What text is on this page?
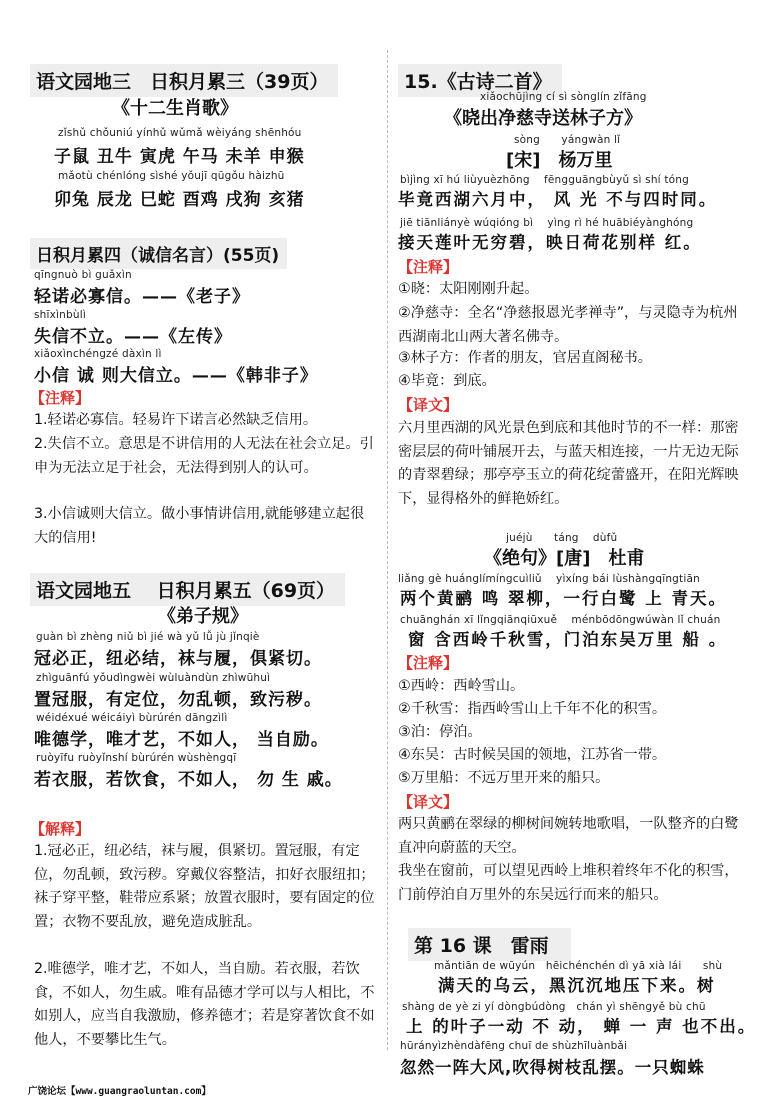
语文园地三　日积月累三（39页）
《十二生肖歌》
zǐshǔ chǒuniú yínhǔ wǔmǎ wèiyáng shēnhóu
子鼠 丑牛 寅虎 午马 未羊 申猴
mǎotù chénlóng sìshé yǒujī qūgǒu hàizhū
卯兔 辰龙 巳蛇 酉鸡 戌狗 亥猪
日积月累四（诚信名言）(55页)
qīngnuò bì guǎxìn
轻诺必寡信。——《老子》
shīxìnbùlì
失信不立。——《左传》
xiǎoxìnchéngzé dàxìn lì
小信 诚 则大信立。——《韩非子》
【注释】
1.轻诺必寡信。轻易许下诺言必然缺乏信用。
2.失信不立。意思是不讲信用的人无法在社会立足。引申为无法立足于社会，无法得到别人的认可。
3.小信诚则大信立。做小事情讲信用,就能够建立起很大的信用!
语文园地五　 日积月累五（69页）
《弟子规》
guàn bì zhèng niǔ bì jié wà yǔ lǚ jù jǐnqiè
冠必正，纽必结，袜与履，俱紧切。
zhìguānfú yǒudìngwèi wùluàndùn zhìwūhuì
置冠服，有定位，勿乱顿，致污秽。
wéidéxué wéicáiyì bùrúrén dāngzìlì
唯德学，唯才艺，不如人， 当自励。
ruòyīfu ruòyǐnshí bùrúrén wùshèngqī
若衣服，若饮食，不如人， 勿 生 戚。
【解释】
1.冠必正，纽必结，袜与履，俱紧切。置冠服，有定位，勿乱顿，致污秽。穿戴仪容整洁，扣好衣服纽扣；袜子穿平整，鞋带应系紧；放置衣服时，要有固定的位置；衣物不要乱放，避免造成脏乱。
2.唯德学，唯才艺，不如人，当自励。若衣服，若饮食，不如人，勿生戚。唯有品德才学可以与人相比，不如别人，应当自我激励，修养德才；若是穿著饮食不如他人，不要攀比生气。
15.《古诗二首》
xiǎochūjìng cí sì sònglín zǐfāng
《晓出净慈寺送林子方》
sòng　　yángwàn lǐ
[宋]　杨万里
bìjìng xī hú liùyuèzhōng　 fēngguāngbùyǔ sì shí tóng
毕竟西湖六月中， 风 光 不与四时同。
jiē tiānliányè wúqióng bì　 yìng rì hé huābiéyànghóng
接天莲叶无穷碧，映日荷花别样 红。
【注释】
①晓：太阳刚刚升起。
②净慈寺：全名“净慈报恩光孝禅寺”，与灵隐寺为杭州西湖南北山两大著名佛寺。
③林子方：作者的朋友，官居直阁秘书。
④毕竟：到底。
【译文】
六月里西湖的风光景色到底和其他时节的不一样：那密密层层的荷叶铺展开去，与蓝天相连接，一片无边无际的青翠碧绿；那亭亭玉立的荷花绽蕾盛开，在阳光辉映下，显得格外的鲜艳娇红。
juéjù　　táng　 dùfǔ
《绝句》[唐]　杜甫
liǎng gè huánglímíngcuìliǔ　 yìxíng bái lùshàngqīngtiān
两个黄鹂 鸣 翠柳，一行白鹭 上 青天。
chuānghán xī lǐngqiānqiūxuě　 ménbōdōngwúwàn lǐ chuán
窗 含西岭千秋雪，门泊东吴万里 船 。
【注释】
①西岭：西岭雪山。
②千秋雪：指西岭雪山上千年不化的积雪。
③泊：停泊。
④东吴：古时候吴国的领地，江苏省一带。
⑤万里船：不远万里开来的船只。
【译文】
两只黄鹂在翠绿的柳树间婉转地歌唱，一队整齐的白鹭直冲向蔚蓝的天空。
我坐在窗前，可以望见西岭上堆积着终年不化的积雪，门前停泊自万里外的东吴远行而来的船只。
第 16 课　雷雨
mǎntiān de wūyún　hēichénchén dì yā xià lái　　shù
满天的乌云，黑沉沉地压下来。树
shàng de yè zi yí dòngbúdòng　chán yì shēngyě bù chū
上 的叶子一动 不 动， 蝉 一 声 也不出。
hūrányìzhèndàfēng chuī de shùzhīluànbǎi
忽然一阵大风,吹得树枝乱摆。一只蜘蛛
广饶论坛【www.guangraoluntan.com】
